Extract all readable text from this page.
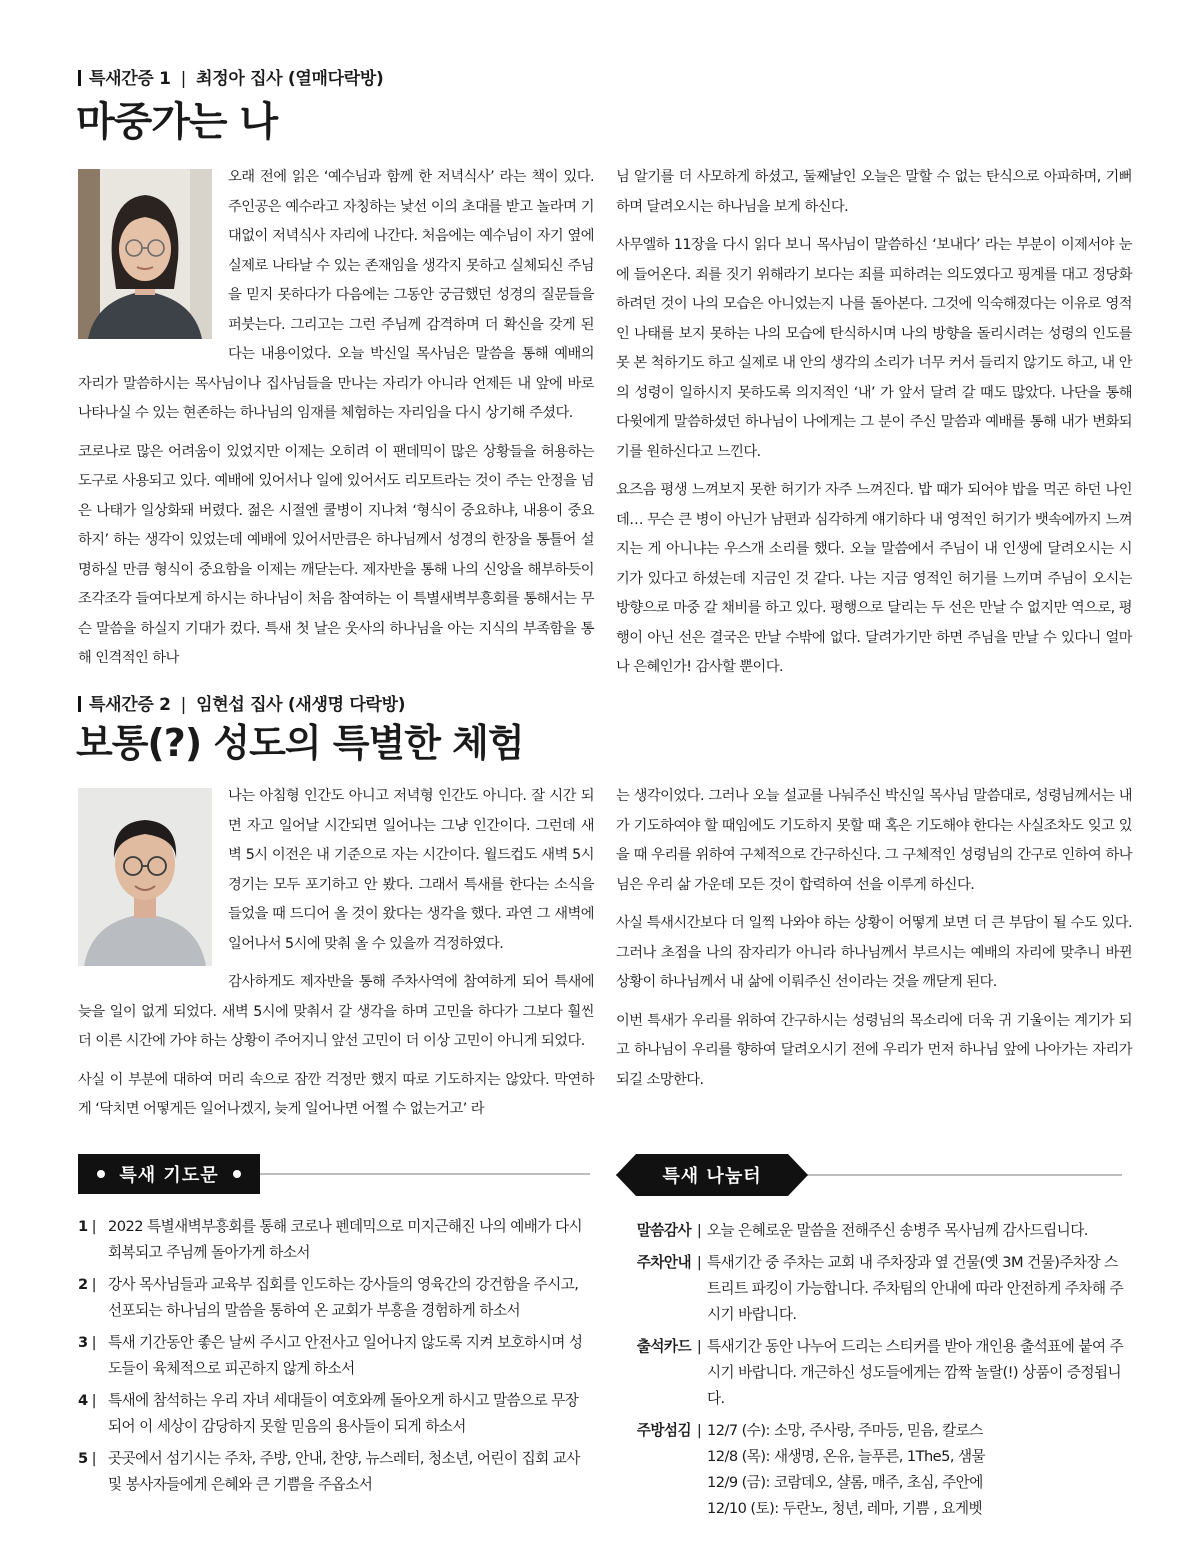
특새간증 1 | 최정아 집사 (열매다락방)
마중가는 나

오래 전에 읽은 ‘예수님과 함께 한 저녁식사’ 라는 책이 있다. 주인공은 예수라고 자칭하는 낯선 이의 초대를 받고 놀라며 기대없이 저녁식사 자리에 나간다. 처음에는 예수님이 자기 옆에 실제로 나타날 수 있는 존재임을 생각지 못하고 실체되신 주님을 믿지 못하다가 다음에는 그동안 궁금했던 성경의 질문들을 퍼붓는다. 그리고는 그런 주님께 감격하며 더 확신을 갖게 된다는 내용이었다. 오늘 박신일 목사님은 말씀을 통해 예배의 자리가 말씀하시는 목사님이나 집사님들을 만나는 자리가 아니라 언제든 내 앞에 바로 나타나실 수 있는 현존하는 하나님의 임재를 체험하는 자리임을 다시 상기해 주셨다.

코로나로 많은 어려움이 있었지만 이제는 오히려 이 팬데믹이 많은 상황들을 허용하는 도구로 사용되고 있다. 예배에 있어서나 일에 있어서도 리모트라는 것이 주는 안정을 넘은 나태가 일상화돼 버렸다. 젊은 시절엔 쿨병이 지나쳐 ‘형식이 중요하냐, 내용이 중요하지’ 하는 생각이 있었는데 예배에 있어서만큼은 하나님께서 성경의 한장을 통틀어 설명하실 만큼 형식이 중요함을 이제는 깨닫는다. 제자반을 통해 나의 신앙을 해부하듯이 조각조각 들여다보게 하시는 하나님이 처음 참여하는 이 특별새벽부흥회를 통해서는 무슨 말씀을 하실지 기대가 컸다. 특새 첫 날은 웃사의 하나님을 아는 지식의 부족함을 통해 인격적인 하나

님 알기를 더 사모하게 하셨고, 둘째날인 오늘은 말할 수 없는 탄식으로 아파하며, 기뻐하며 달려오시는 하나님을 보게 하신다.

사무엘하 11장을 다시 읽다 보니 목사님이 말씀하신 ‘보내다’ 라는 부분이 이제서야 눈에 들어온다. 죄를 짓기 위해라기 보다는 죄를 피하려는 의도였다고 핑계를 대고 정당화하려던 것이 나의 모습은 아니었는지 나를 돌아본다. 그것에 익숙해졌다는 이유로 영적인 나태를 보지 못하는 나의 모습에 탄식하시며 나의 방향을 돌리시려는 성령의 인도를 못 본 척하기도 하고 실제로 내 안의 생각의 소리가 너무 커서 들리지 않기도 하고, 내 안의 성령이 일하시지 못하도록 의지적인 ‘내’ 가 앞서 달려 갈 때도 많았다. 나단을 통해 다윗에게 말씀하셨던 하나님이 나에게는 그 분이 주신 말씀과 예배를 통해 내가 변화되기를 원하신다고 느낀다.

요즈음 평생 느껴보지 못한 허기가 자주 느껴진다. 밥 때가 되어야 밥을 먹곤 하던 나인데… 무슨 큰 병이 아닌가 남편과 심각하게 얘기하다 내 영적인 허기가 뱃속에까지 느껴지는 게 아니냐는 우스개 소리를 했다. 오늘 말씀에서 주님이 내 인생에 달려오시는 시기가 있다고 하셨는데 지금인 것 같다. 나는 지금 영적인 허기를 느끼며 주님이 오시는 방향으로 마중 갈 채비를 하고 있다. 평행으로 달리는 두 선은 만날 수 없지만 역으로, 평행이 아닌 선은 결국은 만날 수밖에 없다. 달려가기만 하면 주님을 만날 수 있다니 얼마나 은혜인가! 감사할 뿐이다.

특새간증 2 | 임현섭 집사 (새생명 다락방)
보통(?) 성도의 특별한 체험

나는 아침형 인간도 아니고 저녁형 인간도 아니다. 잘 시간 되면 자고 일어날 시간되면 일어나는 그냥 인간이다. 그런데 새벽 5시 이전은 내 기준으로 자는 시간이다. 월드컵도 새벽 5시 경기는 모두 포기하고 안 봤다. 그래서 특새를 한다는 소식을 들었을 때 드디어 올 것이 왔다는 생각을 했다. 과연 그 새벽에 일어나서 5시에 맞춰 올 수 있을까 걱정하였다.

감사하게도 제자반을 통해 주차사역에 참여하게 되어 특새에 늦을 일이 없게 되었다. 새벽 5시에 맞춰서 갈 생각을 하며 고민을 하다가 그보다 훨씬 더 이른 시간에 가야 하는 상황이 주어지니 앞선 고민이 더 이상 고민이 아니게 되었다.

사실 이 부분에 대하여 머리 속으로 잠깐 걱정만 했지 따로 기도하지는 않았다. 막연하게 ‘닥치면 어떻게든 일어나겠지, 늦게 일어나면 어쩔 수 없는거고’ 라

는 생각이었다. 그러나 오늘 설교를 나눠주신 박신일 목사님 말씀대로, 성령님께서는 내가 기도하여야 할 때임에도 기도하지 못할 때 혹은 기도해야 한다는 사실조차도 잊고 있을 때 우리를 위하여 구체적으로 간구하신다. 그 구체적인 성령님의 간구로 인하여 하나님은 우리 삶 가운데 모든 것이 합력하여 선을 이루게 하신다.

사실 특새시간보다 더 일찍 나와야 하는 상황이 어떻게 보면 더 큰 부담이 될 수도 있다. 그러나 초점을 나의 잠자리가 아니라 하나님께서 부르시는 예배의 자리에 맞추니 바뀐 상황이 하나님께서 내 삶에 이뤄주신 선이라는 것을 깨닫게 된다.

이번 특새가 우리를 위하여 간구하시는 성령님의 목소리에 더욱 귀 기울이는 계기가 되고 하나님이 우리를 향하여 달려오시기 전에 우리가 먼저 하나님 앞에 나아가는 자리가 되길 소망한다.

특새 기도문
1 | 2022 특별새벽부흥회를 통해 코로나 펜데믹으로 미지근해진 나의 예배가 다시 회복되고 주님께 돌아가게 하소서
2 | 강사 목사님들과 교육부 집회를 인도하는 강사들의 영육간의 강건함을 주시고, 선포되는 하나님의 말씀을 통하여 온 교회가 부흥을 경험하게 하소서
3 | 특새 기간동안 좋은 날씨 주시고 안전사고 일어나지 않도록 지켜 보호하시며 성도들이 육체적으로 피곤하지 않게 하소서
4 | 특새에 참석하는 우리 자녀 세대들이 여호와께 돌아오게 하시고 말씀으로 무장되어 이 세상이 감당하지 못할 믿음의 용사들이 되게 하소서
5 | 곳곳에서 섬기시는 주차, 주방, 안내, 찬양, 뉴스레터, 청소년, 어린이 집회 교사 및 봉사자들에게 은혜와 큰 기쁨을 주옵소서
특새 나눔터
말씀감사 | 오늘 은혜로운 말씀을 전해주신 송병주 목사님께 감사드립니다.
주차안내 | 특새기간 중 주차는 교회 내 주차장과 옆 건물(옛 3M 건물)주차장 스트리트 파킹이 가능합니다. 주차팀의 안내에 따라 안전하게 주차해 주시기 바랍니다.
출석카드 | 특새기간 동안 나누어 드리는 스티커를 받아 개인용 출석표에 붙여 주시기 바랍니다. 개근하신 성도들에게는 깜짝 놀랄(!) 상품이 증정됩니다.
주방섬김 | 12/7 (수): 소망, 주사랑, 주마등, 믿음, 칼로스
12/8 (목): 새생명, 온유, 늘푸른, 1The5, 샘물
12/9 (금): 코람데오, 샬롬, 매주, 초심, 주안에
12/10 (토): 두란노, 청년, 레마, 기쁨 , 요게벳
